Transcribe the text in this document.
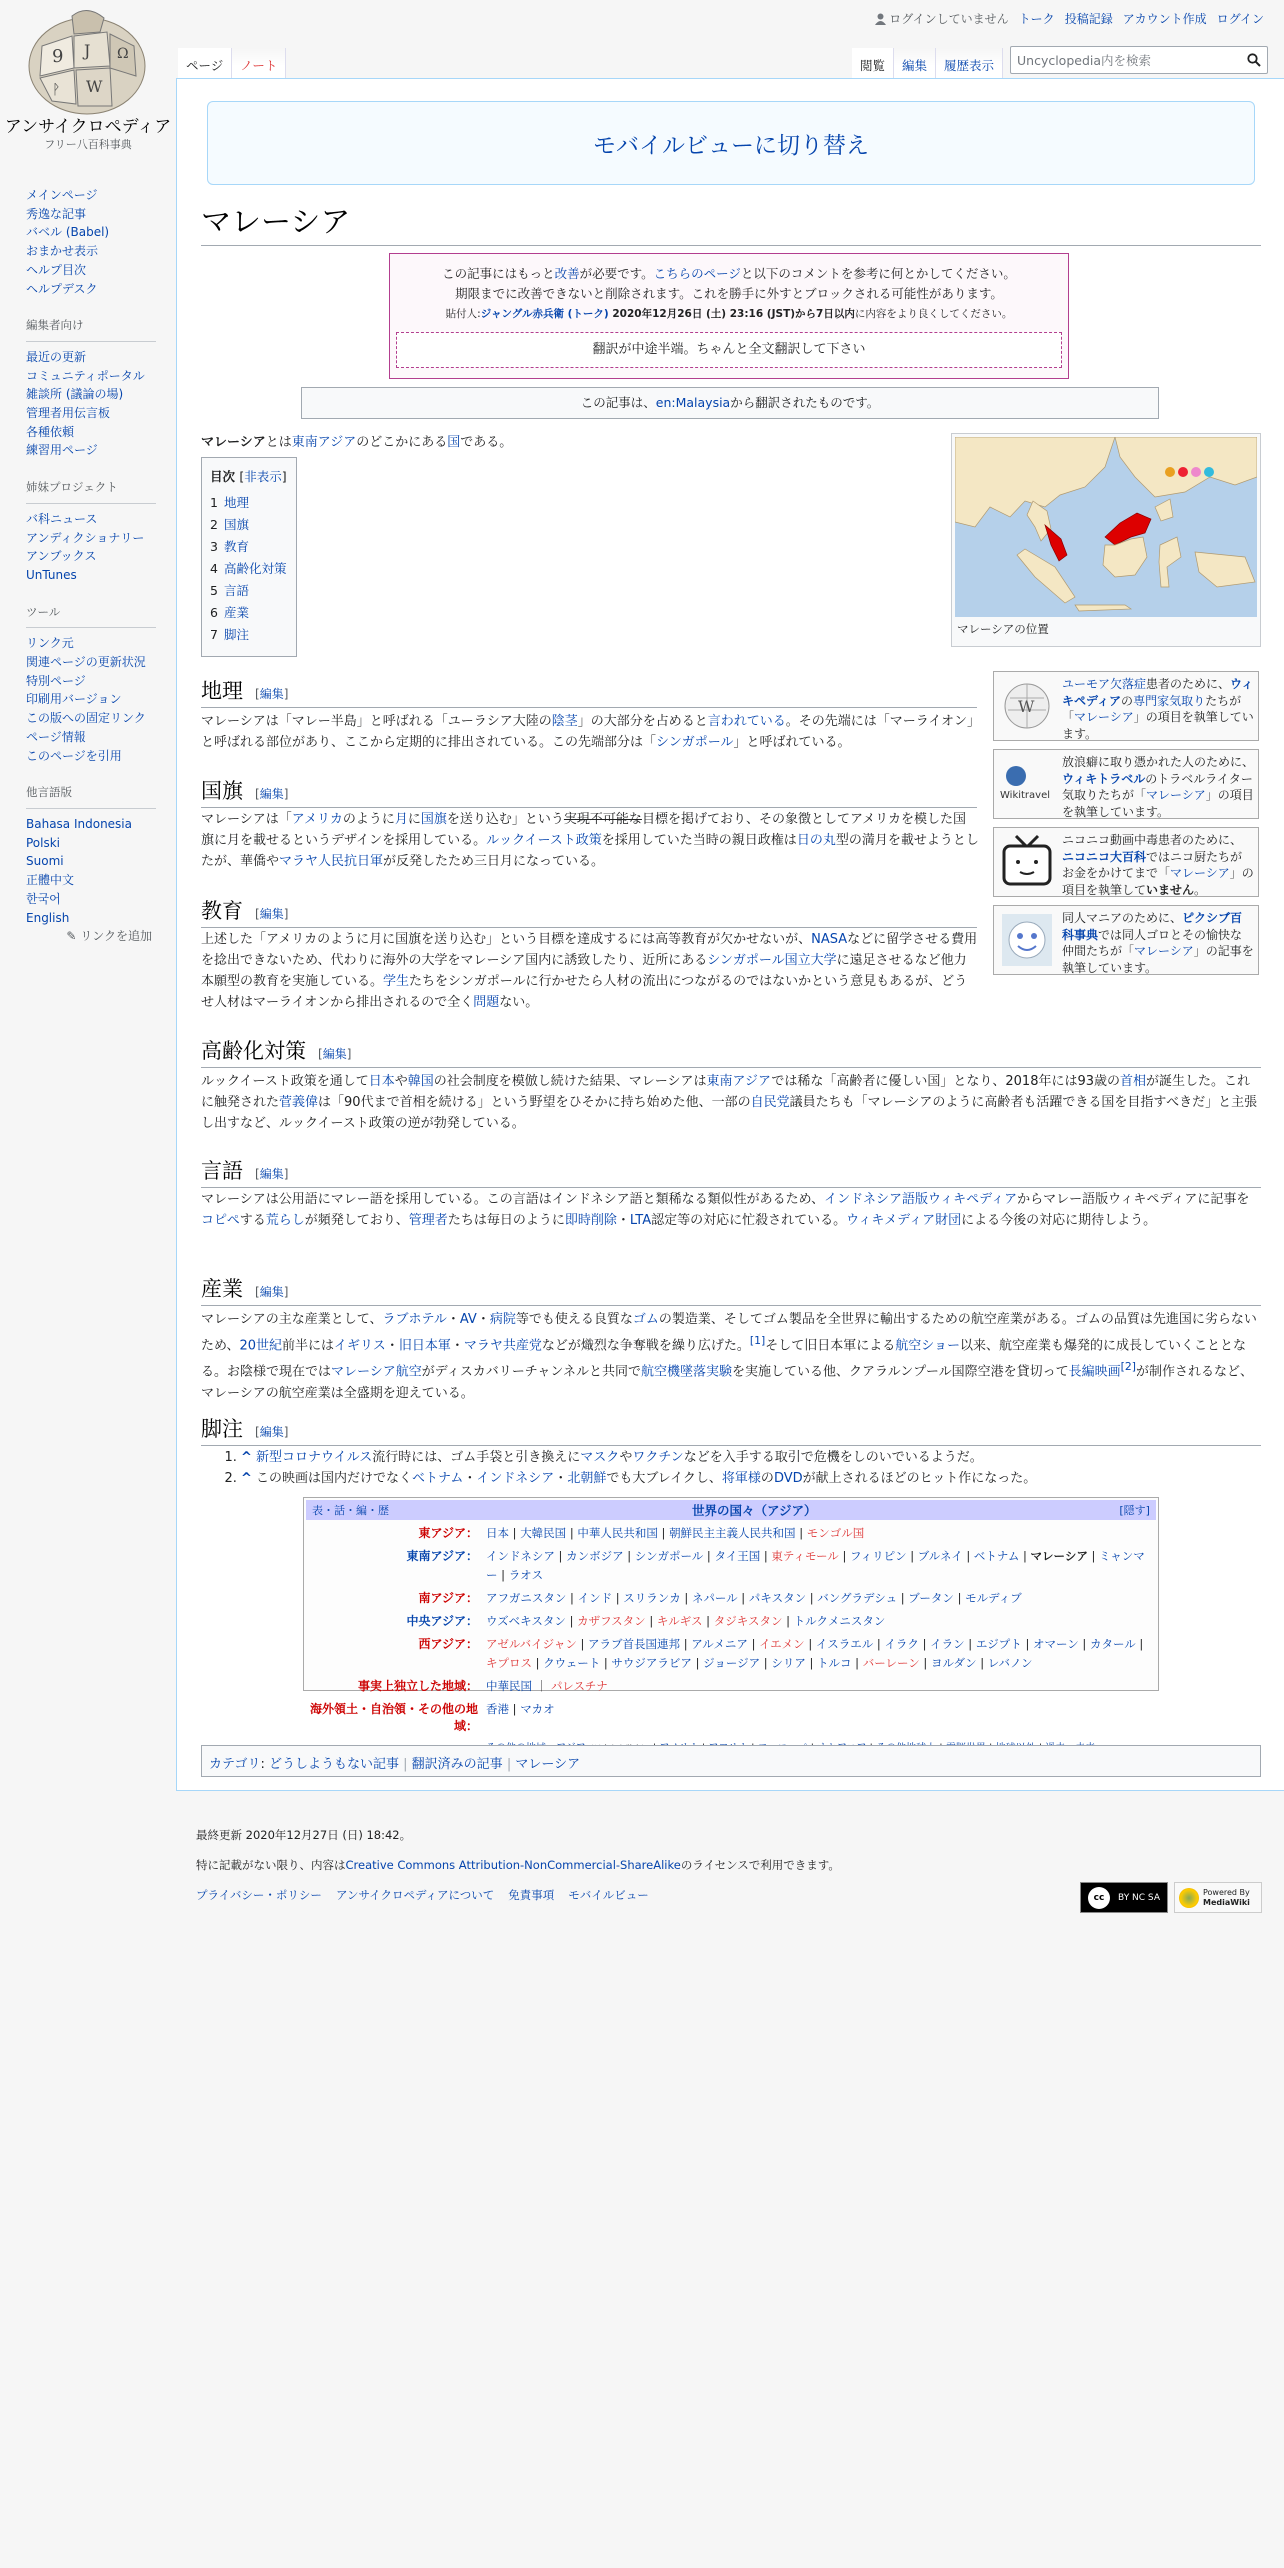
9 J Ω
W
ᚹ
アンサイクロペディア
フリー八百科事典
メインページ
秀逸な記事
バベル (Babel)
おまかせ表示
ヘルプ目次
ヘルプデスク
編集者向け
最近の更新
コミュニティポータル
雑談所 (議論の場)
管理者用伝言板
各種依頼
練習用ページ
姉妹プロジェクト
バ科ニュース
アンディクショナリー
アンブックス
UnTunes
ツール
リンク元
関連ページの更新状況
特別ページ
印刷用バージョン
この版への固定リンク
ページ情報
このページを引用
他言語版
Bahasa Indonesia
Polski
Suomi
正體中文
한국어
English
✎ リンクを追加
ログインしていません トーク 投稿記録 アカウント作成 ログイン
ページ	ノート	閲覧	編集	履歴表示	Uncyclopedia内を検索
モバイルビューに切り替え
マレーシア
この記事にはもっと改善が必要です。こちらのページと以下のコメントを参考に何とかしてください。
期限までに改善できないと削除されます。これを勝手に外すとブロックされる可能性があります。
貼付人:ジャングル赤兵衛 (トーク) 2020年12月26日 (土) 23:16 (JST)から7日以内に内容をより良くしてください。
翻訳が中途半端。ちゃんと全文翻訳して下さい
この記事は、en:Malaysiaから翻訳されたものです。
マレーシアとは東南アジアのどこかにある国である。
目次 [非表示]
1 地理
2 国旗
3 教育
4 高齢化対策
5 言語
6 産業
7 脚注	マレーシアの位置
W
ユーモア欠落症患者のために、ウィキペディアの専門家気取りたちが「マレーシア」の項目を執筆しています。
Wikitravel
放浪癖に取り憑かれた人のために、ウィキトラベルのトラベルライター気取りたちが「マレーシア」の項目を執筆しています。
ニコニコ動画中毒患者のために、ニコニコ大百科ではニコ厨たちがお金をかけてまで「マレーシア」の項目を執筆していません。
同人マニアのために、ピクシブ百科事典では同人ゴロとその愉快な仲間たちが「マレーシア」の記事を執筆しています。
地理 [編集]
マレーシアは「マレー半島」と呼ばれる「ユーラシア大陸の陰茎」の大部分を占めると言われている。その先端には「マーライオン」と呼ばれる部位があり、ここから定期的に排出されている。この先端部分は「シンガポール」と呼ばれている。
国旗 [編集]
マレーシアは「アメリカのように月に国旗を送り込む」という実現不可能な目標を掲げており、その象徴としてアメリカを模した国旗に月を載せるというデザインを採用している。ルックイースト政策を採用していた当時の親日政権は日の丸型の満月を載せようとしたが、華僑やマラヤ人民抗日軍が反発したため三日月になっている。
教育 [編集]
上述した「アメリカのように月に国旗を送り込む」という目標を達成するには高等教育が欠かせないが、NASAなどに留学させる費用を捻出できないため、代わりに海外の大学をマレーシア国内に誘致したり、近所にあるシンガポール国立大学に遠足させるなど他力本願型の教育を実施している。学生たちをシンガポールに行かせたら人材の流出につながるのではないかという意見もあるが、どうせ人材はマーライオンから排出されるので全く問題ない。
高齢化対策 [編集]
ルックイースト政策を通して日本や韓国の社会制度を模倣し続けた結果、マレーシアは東南アジアでは稀な「高齢者に優しい国」となり、2018年には93歳の首相が誕生した。これに触発された菅義偉は「90代まで首相を続ける」という野望をひそかに持ち始めた他、一部の自民党議員たちも「マレーシアのように高齢者も活躍できる国を目指すべきだ」と主張し出すなど、ルックイースト政策の逆が勃発している。
言語 [編集]
マレーシアは公用語にマレー語を採用している。この言語はインドネシア語と類稀なる類似性があるため、インドネシア語版ウィキペディアからマレー語版ウィキペディアに記事をコピペする荒らしが頻発しており、管理者たちは毎日のように即時削除・LTA認定等の対応に忙殺されている。ウィキメディア財団による今後の対応に期待しよう。
産業 [編集]
マレーシアの主な産業として、ラブホテル・AV・病院等でも使える良質なゴムの製造業、そしてゴム製品を全世界に輸出するための航空産業がある。ゴムの品質は先進国に劣らないため、20世紀前半にはイギリス・旧日本軍・マラヤ共産党などが熾烈な争奪戦を繰り広げた。[1]そして旧日本軍による航空ショー以来、航空産業も爆発的に成長していくこととなる。お陰様で現在ではマレーシア航空がディスカバリーチャンネルと共同で航空機墜落実験を実施している他、クアラルンプール国際空港を貸切って長編映画[2]が制作されるなど、マレーシアの航空産業は全盛期を迎えている。
脚注 [編集]
1. ^ 新型コロナウイルス流行時には、ゴム手袋と引き換えにマスクやワクチンなどを入手する取引で危機をしのいでいるようだ。
2. ^ この映画は国内だけでなくベトナム・インドネシア・北朝鮮でも大ブレイクし、将軍様のDVDが献上されるほどのヒット作になった。
表・話・編・歴	世界の国々（アジア）	[隠す]
東アジア： 日本 | 大韓民国 | 中華人民共和国 | 朝鮮民主主義人民共和国 | モンゴル国
東南アジア： インドネシア | カンボジア | シンガポール | タイ王国 | 東ティモール | フィリピン | ブルネイ | ベトナム | マレーシア | ミャンマー | ラオス
南アジア： アフガニスタン | インド | スリランカ | ネパール | パキスタン | バングラデシュ | ブータン | モルディブ
中央アジア： ウズベキスタン | カザフスタン | キルギス | タジキスタン | トルクメニスタン
西アジア： アゼルバイジャン | アラブ首長国連邦 | アルメニア | イエメン | イスラエル | イラク | イラン | エジプト | オマーン | カタール | キプロス | クウェート | サウジアラビア | ジョージア | シリア | トルコ | バーレーン | ヨルダン | レバノン
事実上独立した地域： 中華民国 ｜ パレスチナ
海外領土・自治領・その他の地域：
香港 | マカオ
カテゴリ: どうしようもない記事 | 翻訳済みの記事 | マレーシア
最終更新 2020年12月27日 (日) 18:42。
特に記載がない限り、内容はCreative Commons Attribution-NonCommercial-ShareAlikeのライセンスで利用できます。
プライバシー・ポリシー アンサイクロペディアについて 免責事項 モバイルビュー	cc	BY NC SA
Powered By
MediaWiki
